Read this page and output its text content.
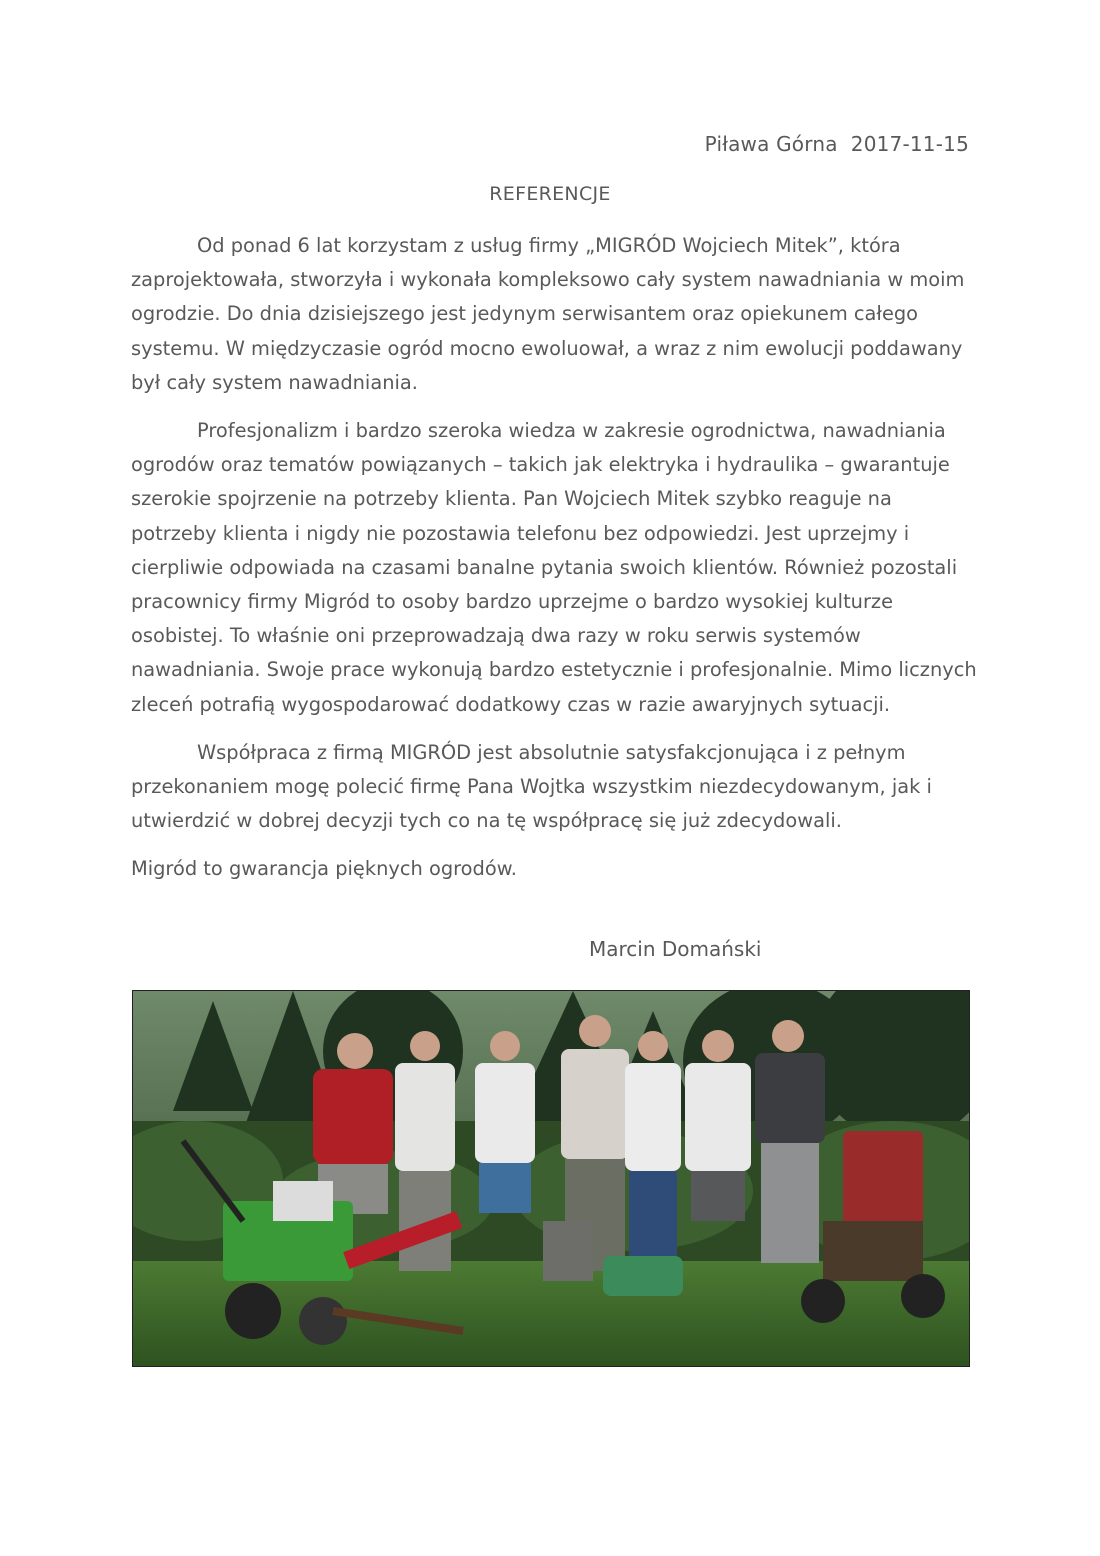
Piława Górna  2017-11-15
REFERENCJE

Od ponad 6 lat korzystam z usług firmy „MIGRÓD Wojciech Mitek”, która zaprojektowała, stworzyła i wykonała kompleksowo cały system nawadniania w moim ogrodzie. Do dnia dzisiejszego jest jedynym serwisantem oraz opiekunem całego systemu. W międzyczasie ogród mocno ewoluował, a wraz z nim ewolucji poddawany był cały system nawadniania.

Profesjonalizm i bardzo szeroka wiedza w zakresie ogrodnictwa, nawadniania ogrodów oraz tematów powiązanych – takich jak elektryka i hydraulika – gwarantuje szerokie spojrzenie na potrzeby klienta. Pan Wojciech Mitek szybko reaguje na potrzeby klienta i nigdy nie pozostawia telefonu bez odpowiedzi. Jest uprzejmy i cierpliwie odpowiada na czasami banalne pytania swoich klientów. Również pozostali pracownicy firmy Migród to osoby bardzo uprzejme o bardzo wysokiej kulturze osobistej. To właśnie oni przeprowadzają dwa razy w roku serwis systemów nawadniania. Swoje prace wykonują bardzo estetycznie i profesjonalnie. Mimo licznych zleceń potrafią wygospodarować dodatkowy czas w razie awaryjnych sytuacji.

Współpraca z firmą MIGRÓD jest absolutnie satysfakcjonująca i z pełnym przekonaniem mogę polecić firmę Pana Wojtka wszystkim niezdecydowanym, jak i utwierdzić w dobrej decyzji tych co na tę współpracę się już zdecydowali.

Migród to gwarancja pięknych ogrodów.

Marcin Domański
